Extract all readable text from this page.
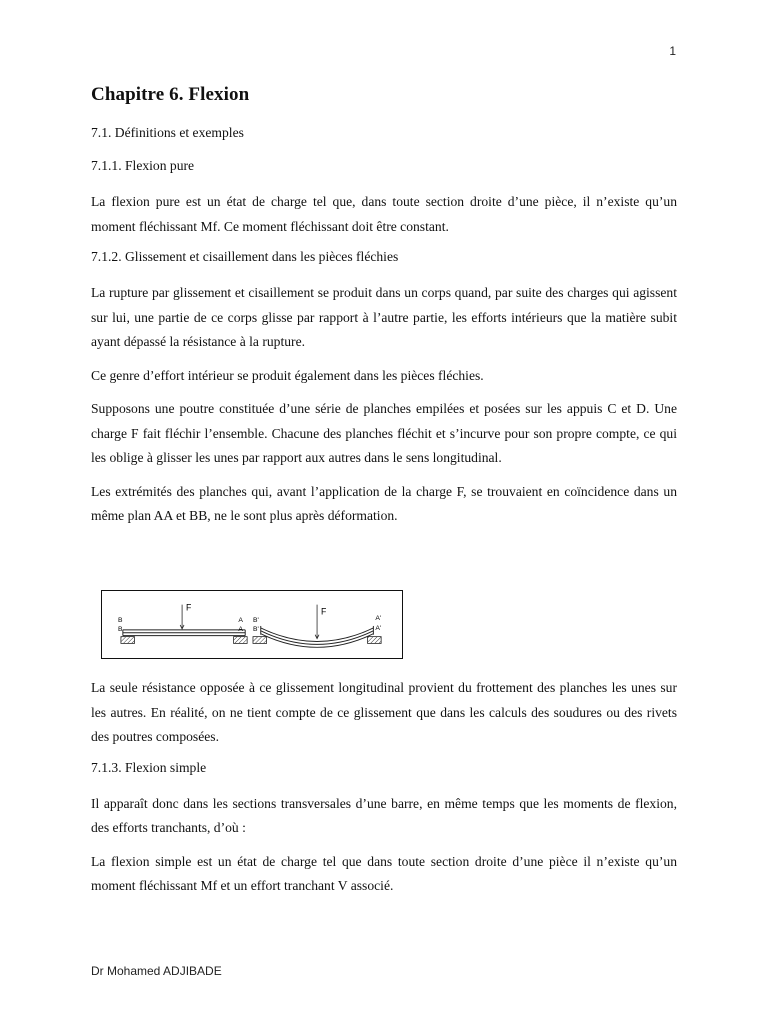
1
Chapitre 6. Flexion

7.1. Définitions et exemples

7.1.1. Flexion pure

La flexion pure est un état de charge tel que, dans toute section droite d’une pièce, il n’existe qu’un moment fléchissant Mf. Ce moment fléchissant doit être constant.

7.1.2. Glissement et cisaillement dans les pièces fléchies

La rupture par glissement et cisaillement se produit dans un corps quand, par suite des charges qui agissent sur lui, une partie de ce corps glisse par rapport à l’autre partie, les efforts intérieurs que la matière subit ayant dépassé la résistance à la rupture.

Ce genre d’effort intérieur se produit également dans les pièces fléchies.

Supposons une poutre constituée d’une série de planches empilées et posées sur les appuis C et D. Une charge F fait fléchir l’ensemble. Chacune des planches fléchit et s’incurve pour son propre compte, ce qui les oblige à glisser les unes par rapport aux autres dans le sens longitudinal.

Les extrémités des planches qui, avant l’application de la charge F, se trouvaient en coïncidence dans un même plan AA et BB, ne le sont plus après déformation.

F
B
B
A
A
F
B'
B'
A'
A'

La seule résistance opposée à ce glissement longitudinal provient du frottement des planches les unes sur les autres. En réalité, on ne tient compte de ce glissement que dans les calculs des soudures ou des rivets des poutres composées.

7.1.3. Flexion simple

Il apparaît donc dans les sections transversales d’une barre, en même temps que les moments de flexion, des efforts tranchants, d’où :

La flexion simple est un état de charge tel que dans toute section droite d’une pièce il n’existe qu’un moment fléchissant Mf et un effort tranchant V associé.

Dr Mohamed ADJIBADE
